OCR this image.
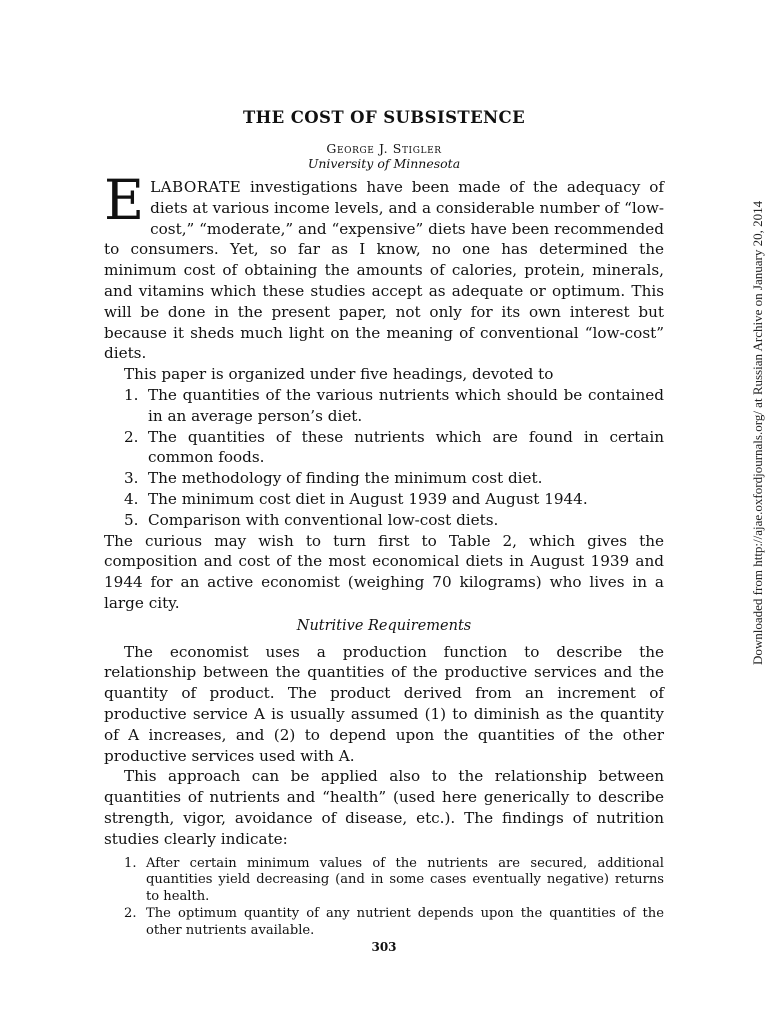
THE COST OF SUBSISTENCE
George J. Stigler
University of Minnesota

ELABORATE investigations have been made of the adequacy of diets at various income levels, and a considerable number of “low-cost,” “moderate,” and “expensive” diets have been recommended to consumers. Yet, so far as I know, no one has determined the minimum cost of obtaining the amounts of calories, protein, minerals, and vitamins which these studies accept as adequate or optimum. This will be done in the present paper, not only for its own interest but because it sheds much light on the meaning of conventional “low-cost” diets.

This paper is organized under five headings, devoted to

1. The quantities of the various nutrients which should be contained in an average person’s diet.
2. The quantities of these nutrients which are found in certain common foods.
3. The methodology of finding the minimum cost diet.
4. The minimum cost diet in August 1939 and August 1944.
5. Comparison with conventional low-cost diets.

The curious may wish to turn first to Table 2, which gives the composition and cost of the most economical diets in August 1939 and 1944 for an active economist (weighing 70 kilograms) who lives in a large city.

Nutritive Requirements

The economist uses a production function to describe the relationship between the quantities of the productive services and the quantity of product. The product derived from an increment of productive service A is usually assumed (1) to diminish as the quantity of A increases, and (2) to depend upon the quantities of the other productive services used with A.

This approach can be applied also to the relationship between quantities of nutrients and “health” (used here generically to describe strength, vigor, avoidance of disease, etc.). The findings of nutrition studies clearly indicate:

1. After certain minimum values of the nutrients are secured, additional quantities yield decreasing (and in some cases eventually negative) returns to health.
2. The optimum quantity of any nutrient depends upon the quantities of the other nutrients available.
303
Downloaded from http://ajae.oxfordjournals.org/ at Russian Archive on January 20, 2014
